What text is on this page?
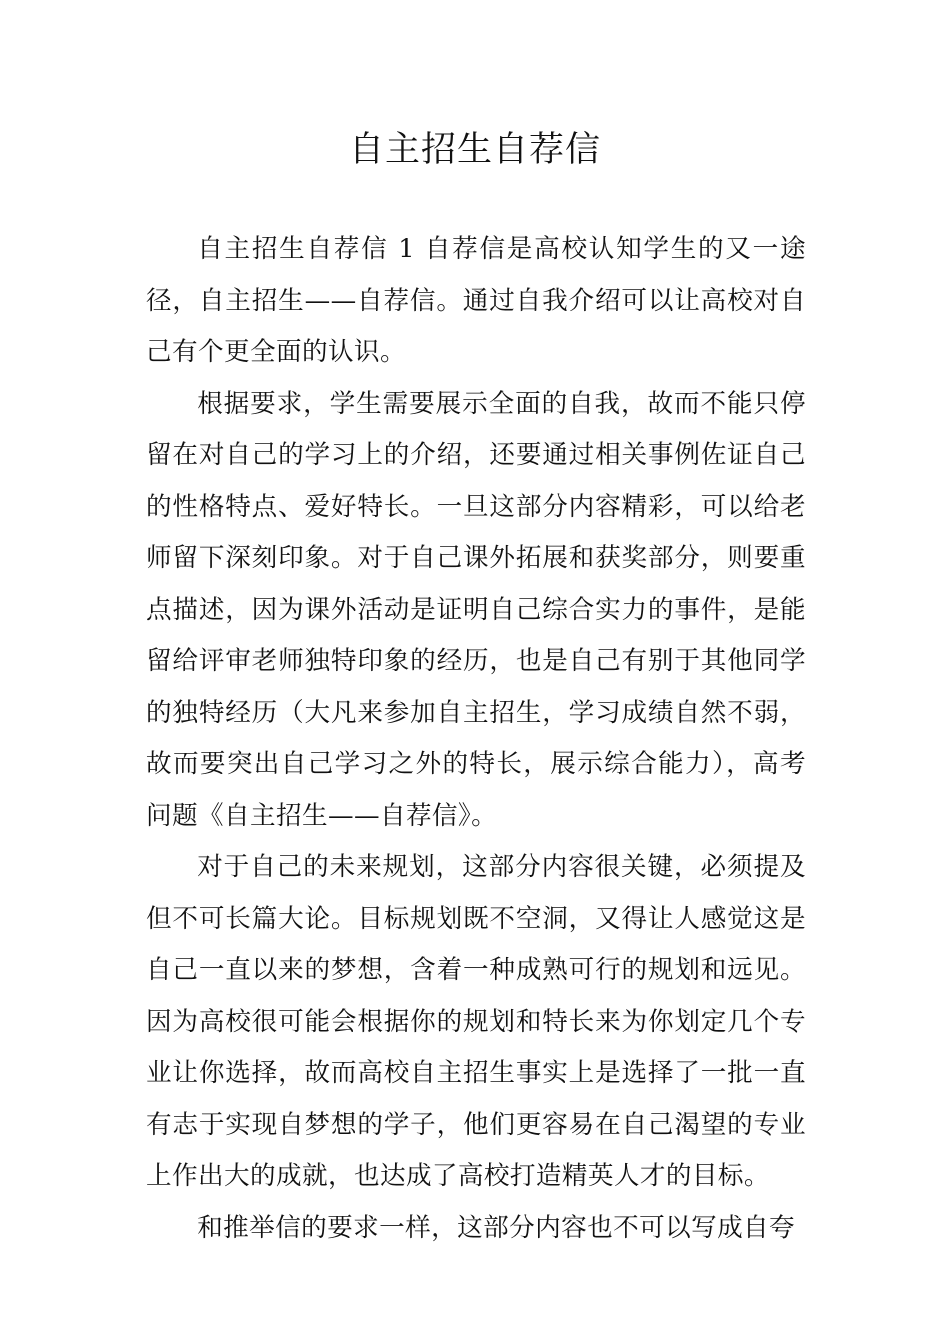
自主招生自荐信

自主招生自荐信 1 自荐信是高校认知学生的又一途径，自主招生——自荐信。通过自我介绍可以让高校对自己有个更全面的认识。

根据要求，学生需要展示全面的自我，故而不能只停留在对自己的学习上的介绍，还要通过相关事例佐证自己的性格特点、爱好特长。一旦这部分内容精彩，可以给老师留下深刻印象。对于自己课外拓展和获奖部分，则要重点描述，因为课外活动是证明自己综合实力的事件，是能留给评审老师独特印象的经历，也是自己有别于其他同学的独特经历（大凡来参加自主招生，学习成绩自然不弱，故而要突出自己学习之外的特长，展示综合能力），高考问题《自主招生——自荐信》。

对于自己的未来规划，这部分内容很关键，必须提及但不可长篇大论。目标规划既不空洞，又得让人感觉这是自己一直以来的梦想，含着一种成熟可行的规划和远见。因为高校很可能会根据你的规划和特长来为你划定几个专业让你选择，故而高校自主招生事实上是选择了一批一直有志于实现自梦想的学子，他们更容易在自己渴望的专业上作出大的成就，也达成了高校打造精英人才的目标。

和推举信的要求一样，这部分内容也不可以写成自夸
